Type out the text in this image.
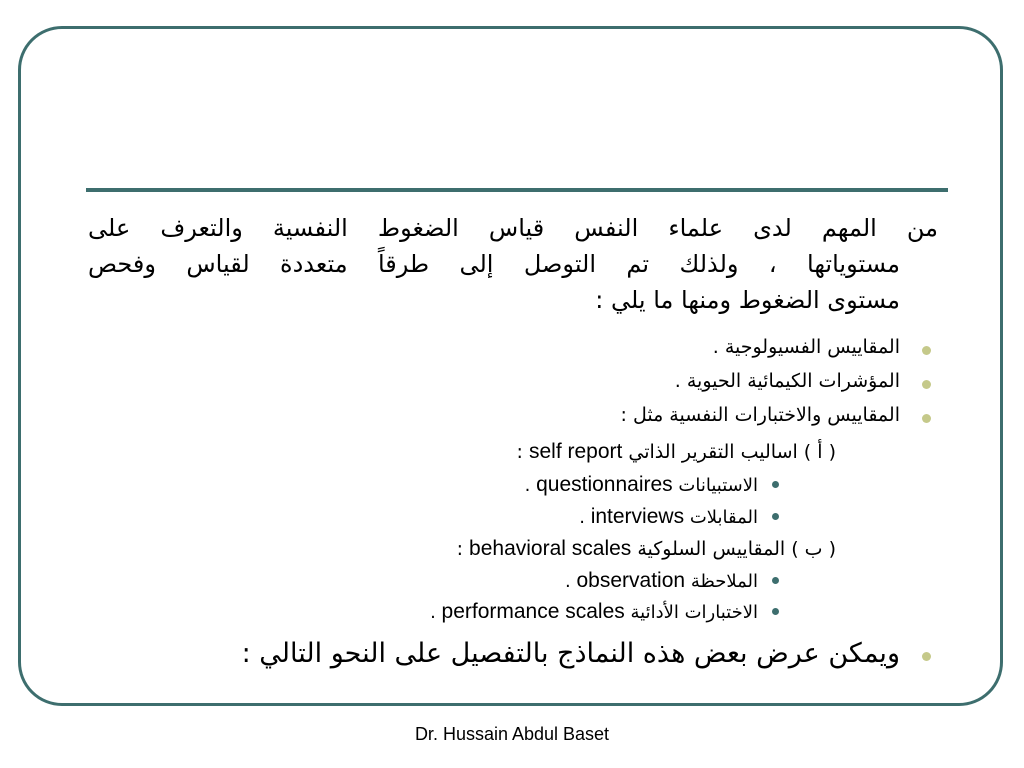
من المهم لدى علماء النفس قياس الضغوط النفسية والتعرف على
مستوياتها ، ولذلك تم التوصل إلى طرقاً متعددة لقياس وفحص
مستوى الضغوط ومنها ما يلي :
المقاييس الفسيولوجية .
المؤشرات الكيمائية الحيوية .
المقاييس والاختبارات النفسية مثل :
( أ ) اساليب التقرير الذاتي self report :
الاستبيانات questionnaires .
المقابلات interviews .
( ب ) المقاييس السلوكية behavioral scales :
الملاحظة observation .
الاختبارات الأدائية performance scales .
ويمكن عرض بعض هذه النماذج بالتفصيل على النحو التالي :
Dr. Hussain Abdul Baset
